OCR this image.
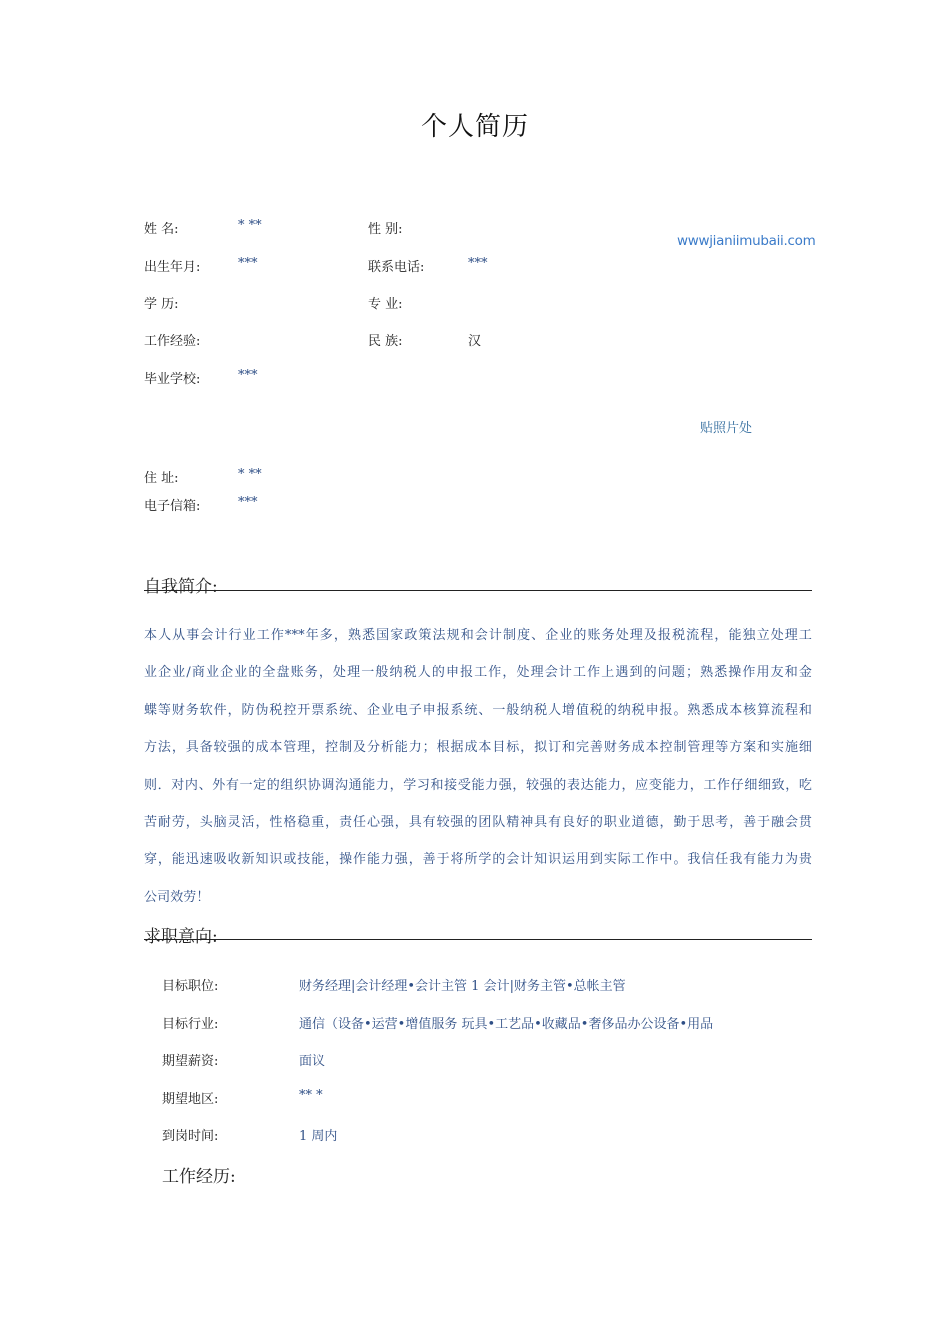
个人简历
姓 名:	* **	性 别:
wwwjianiimubaii.com
出生年月:	***	联系电话:	***
学 历:	专 业:
工作经验:	民 族:	汉
毕业学校:	***
贴照片处
住 址:	* **
电子信箱:	***
自我简介:
本人从事会计行业工作***年多，熟悉国家政策法规和会计制度、企业的账务处理及报税流程，能独立处理工
业企业/商业企业的全盘账务，处理一般纳税人的申报工作，处理会计工作上遇到的问题；熟悉操作用友和金
蝶等财务软件，防伪税控开票系统、企业电子申报系统、一般纳税人增值税的纳税申报。熟悉成本核算流程和
方法，具备较强的成本管理，控制及分析能力；根据成本目标，拟订和完善财务成本控制管理等方案和实施细
则．对内、外有一定的组织协调沟通能力，学习和接受能力强，较强的表达能力，应变能力，工作仔细细致，吃
苦耐劳，头脑灵活，性格稳重，责任心强，具有较强的团队精神具有良好的职业道德，勤于思考，善于融会贯
穿，能迅速吸收新知识或技能，操作能力强，善于将所学的会计知识运用到实际工作中。我信任我有能力为贵
公司效劳！
求职意向:
目标职位:	财务经理|会计经理•会计主管 1 会计|财务主管•总帐主管
目标行业:	通信（设备•运营•增值服务 玩具•工艺品•收藏品•奢侈品办公设备•用品
期望薪资:	面议
期望地区:	** *
到岗时间:	1 周内
工作经历:
